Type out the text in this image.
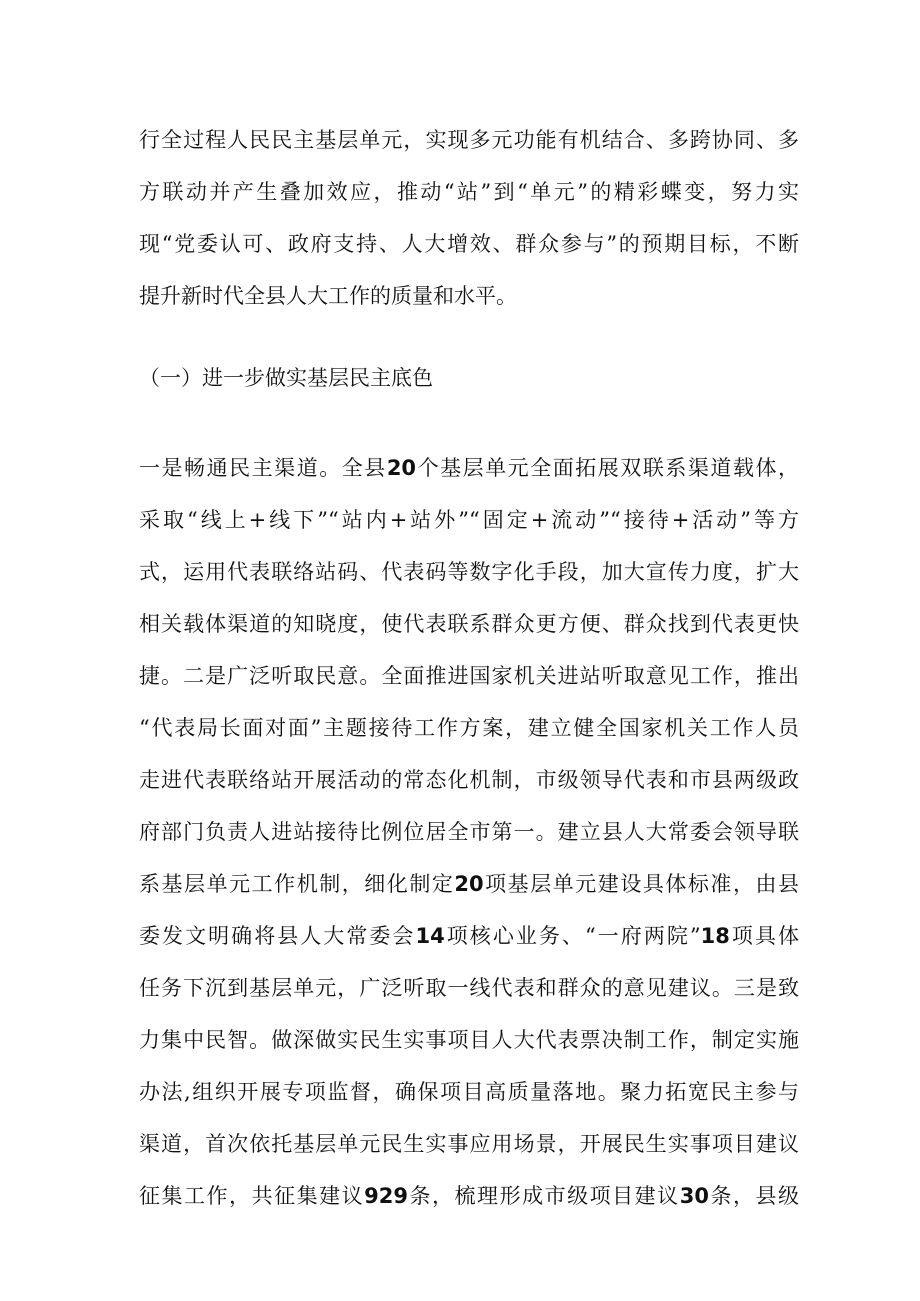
行全过程人民民主基层单元，实现多元功能有机结合、多跨协同、多
方联动并产生叠加效应，推动“站”到“单元”的精彩蝶变，努力实
现“党委认可、政府支持、人大增效、群众参与”的预期目标，不断
提升新时代全县人大工作的质量和水平。
（一）进一步做实基层民主底色
一是畅通民主渠道。全县20个基层单元全面拓展双联系渠道载体，
采取“线上+线下”“站内+站外”“固定+流动”“接待+活动”等方
式，运用代表联络站码、代表码等数字化手段，加大宣传力度，扩大
相关载体渠道的知晓度，使代表联系群众更方便、群众找到代表更快
捷。二是广泛听取民意。全面推进国家机关进站听取意见工作，推出
“代表局长面对面”主题接待工作方案，建立健全国家机关工作人员
走进代表联络站开展活动的常态化机制，市级领导代表和市县两级政
府部门负责人进站接待比例位居全市第一。建立县人大常委会领导联
系基层单元工作机制，细化制定20项基层单元建设具体标准，由县
委发文明确将县人大常委会14项核心业务、“一府两院”18项具体
任务下沉到基层单元，广泛听取一线代表和群众的意见建议。三是致
力集中民智。做深做实民生实事项目人大代表票决制工作，制定实施
办法,组织开展专项监督，确保项目高质量落地。聚力拓宽民主参与
渠道，首次依托基层单元民生实事应用场景，开展民生实事项目建议
征集工作，共征集建议929条，梳理形成市级项目建议30条，县级
